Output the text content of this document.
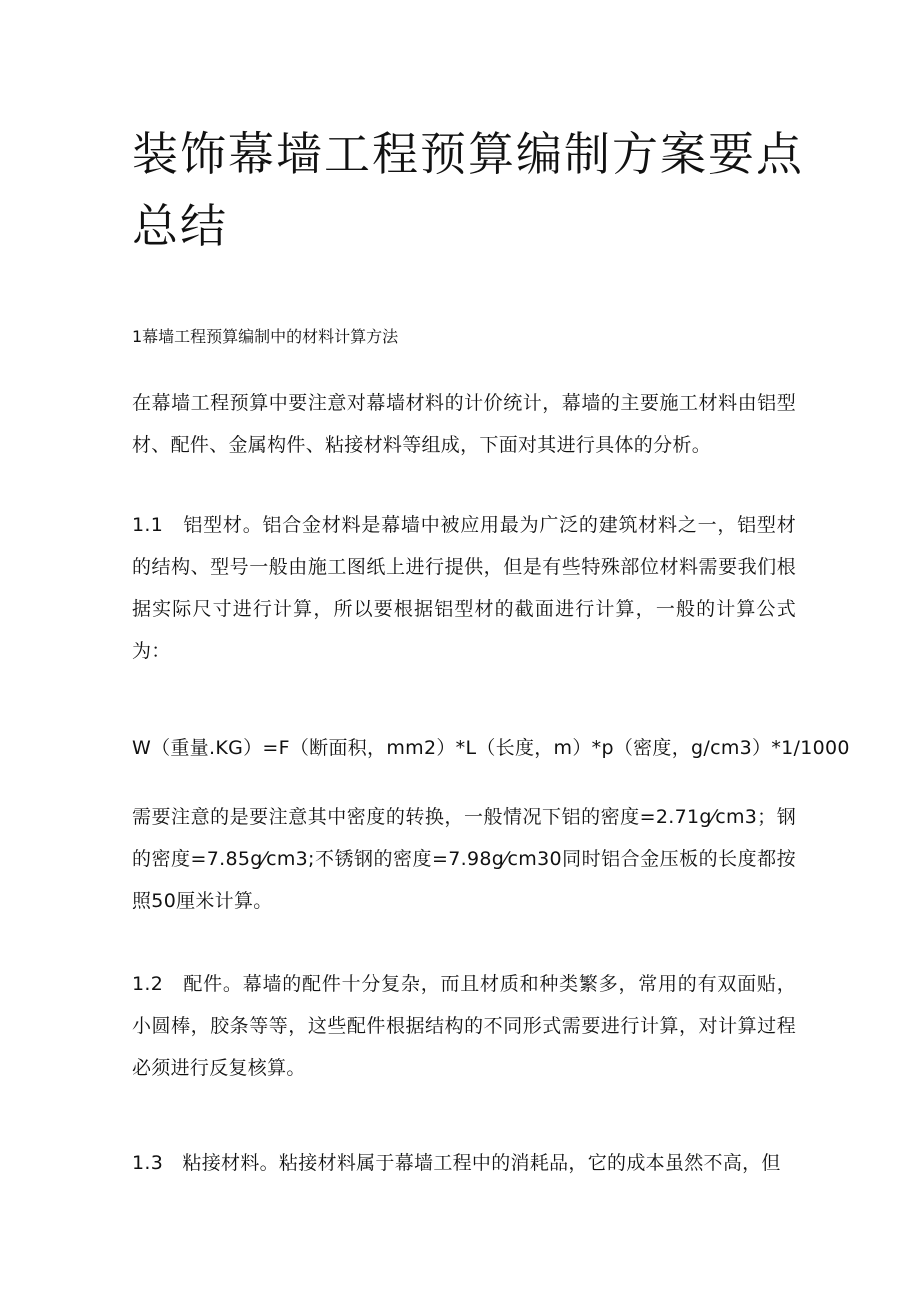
装饰幕墙工程预算编制方案要点总结
1幕墙工程预算编制中的材料计算方法

在幕墙工程预算中要注意对幕墙材料的计价统计，幕墙的主要施工材料由铝型材、配件、金属构件、粘接材料等组成，下面对其进行具体的分析。

1.1　铝型材。铝合金材料是幕墙中被应用最为广泛的建筑材料之一，铝型材的结构、型号一般由施工图纸上进行提供，但是有些特殊部位材料需要我们根据实际尺寸进行计算，所以要根据铝型材的截面进行计算，一般的计算公式为：

W（重量.KG）=F（断面积，mm2）*L（长度，m）*p（密度，g/cm3）*1/1000

需要注意的是要注意其中密度的转换，一般情况下铝的密度=2.71g⁄cm3；钢的密度=7.85g⁄cm3;不锈钢的密度=7.98g⁄cm30同时铝合金压板的长度都按照50厘米计算。

1.2　配件。幕墙的配件十分复杂，而且材质和种类繁多，常用的有双面贴，小圆棒，胶条等等，这些配件根据结构的不同形式需要进行计算，对计算过程必须进行反复核算。

1.3　粘接材料。粘接材料属于幕墙工程中的消耗品，它的成本虽然不高，但
